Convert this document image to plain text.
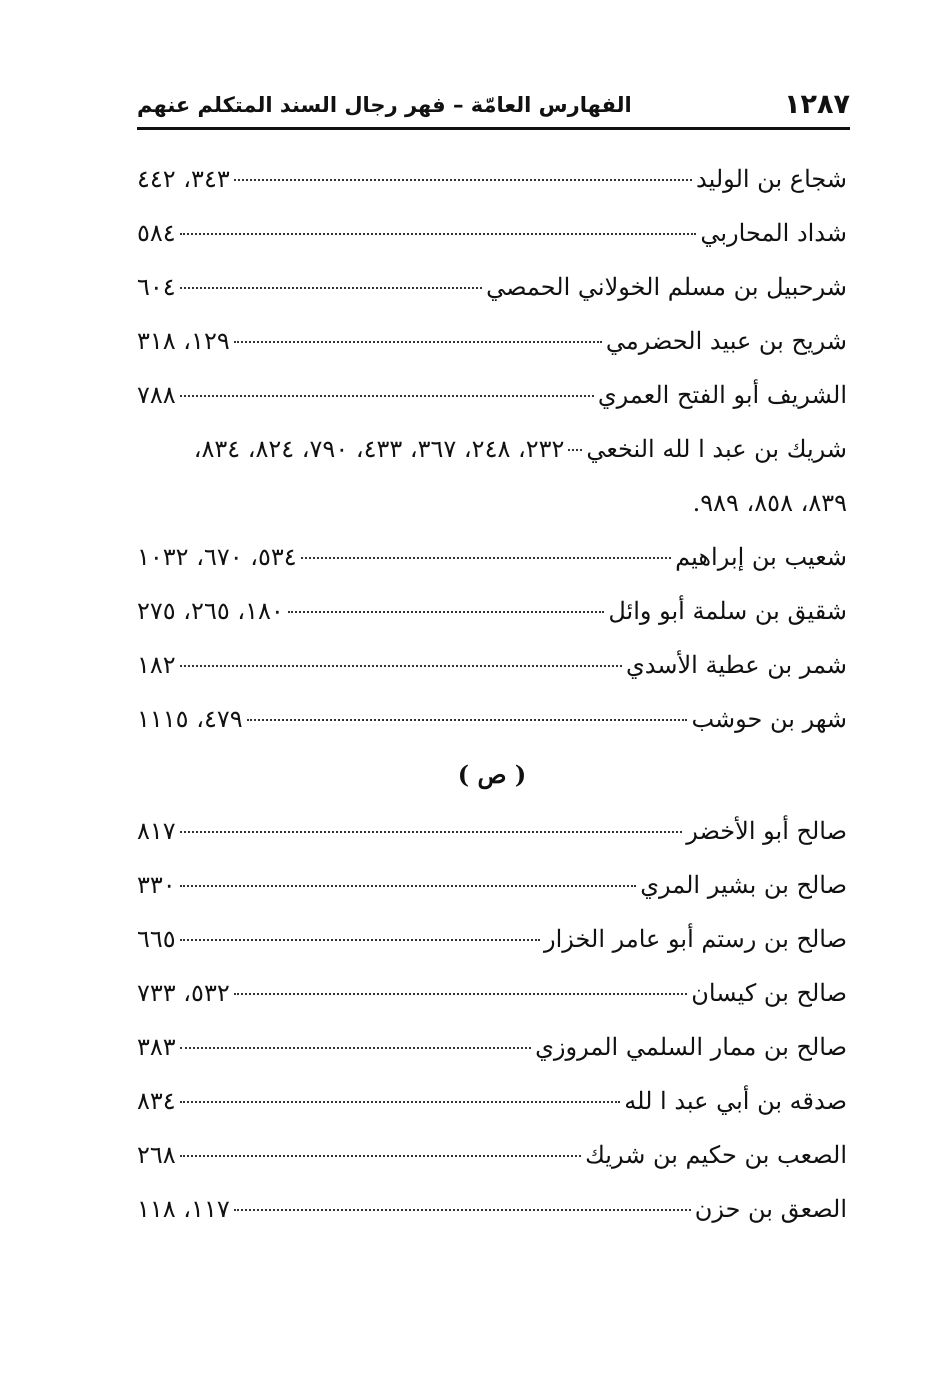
١٢٨٧
الفهارس العامّة – فهر رجال السند المتكلم عنهم
شجاع بن الوليد
٣٤٣، ٤٤٢
شداد المحاربي
٥٨٤
شرحبيل بن مسلم الخولاني الحمصي
٦٠٤
شريح بن عبيد الحضرمي
١٢٩، ٣١٨
الشريف أبو الفتح العمري
٧٨٨
شريك بن عبد ا لله النخعي
٢٣٢، ٢٤٨، ٣٦٧، ٤٣٣، ٧٩٠، ٨٢٤، ٨٣٤،
٨٣٩، ٨٥٨، ٩٨٩.
شعيب بن إبراهيم
٥٣٤، ٦٧٠، ١٠٣٢
شقيق بن سلمة أبو وائل
١٨٠، ٢٦٥، ٢٧٥
شمر بن عطية الأسدي
١٨٢
شهر بن حوشب
٤٧٩، ١١١٥
( ص )
صالح أبو الأخضر
٨١٧
صالح بن بشير المري
٣٣٠
صالح بن رستم أبو عامر الخزار
٦٦٥
صالح بن كيسان
٥٣٢، ٧٣٣
صالح بن ممار السلمي المروزي
٣٨٣
صدقه بن أبي عبد ا لله
٨٣٤
الصعب بن حكيم بن شريك
٢٦٨
الصعق بن حزن
١١٧، ١١٨
